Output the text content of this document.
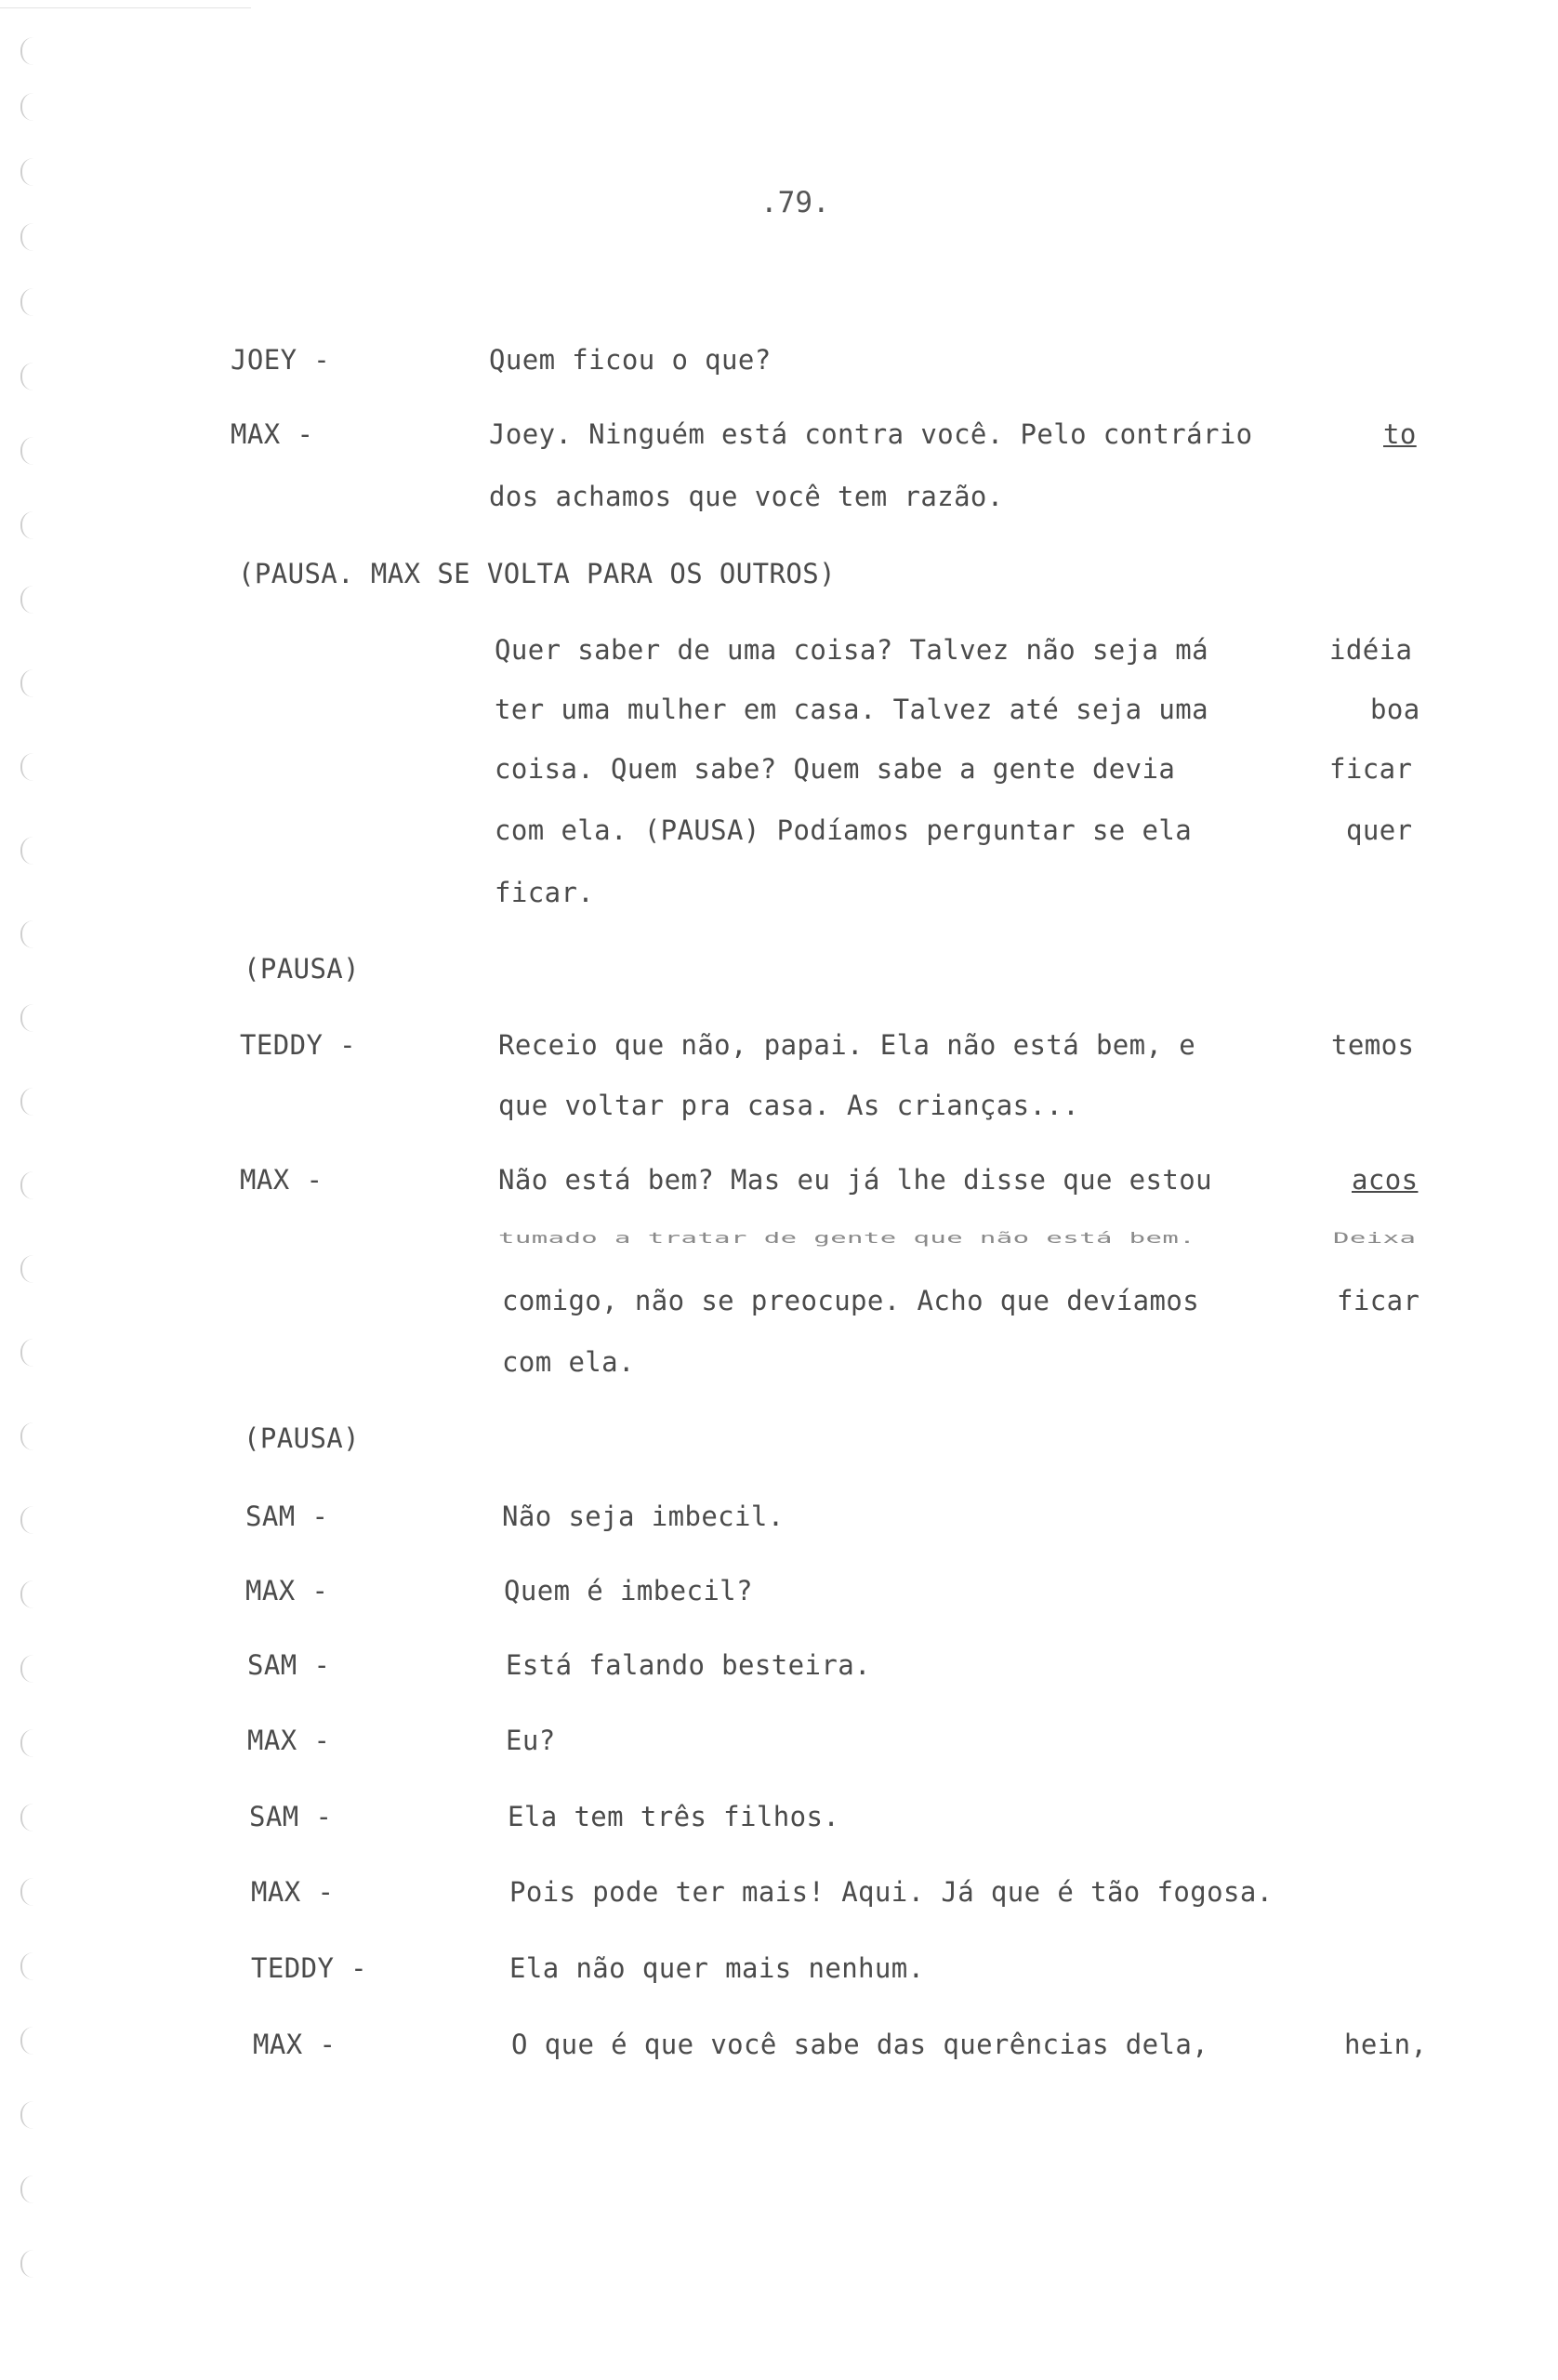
.79.
JOEY -	Quem ficou o que?
MAX -	Joey. Ninguém está contra você. Pelo contrário	to
dos achamos que você tem razão.
(PAUSA. MAX SE VOLTA PARA OS OUTROS)
Quer saber de uma coisa? Talvez não seja má	idéia
ter uma mulher em casa. Talvez até seja uma	boa
coisa. Quem sabe? Quem sabe a gente devia	ficar
com ela. (PAUSA) Podíamos perguntar se ela	quer
ficar.
(PAUSA)
TEDDY -	Receio que não, papai. Ela não está bem, e	temos
que voltar pra casa. As crianças...
MAX -	Não está bem? Mas eu já lhe disse que estou	acos
tumado a tratar de gente que não está bem.	Deixa
comigo, não se preocupe. Acho que devíamos	ficar
com ela.
(PAUSA)
SAM -	Não seja imbecil.
MAX -	Quem é imbecil?
SAM -	Está falando besteira.
MAX -	Eu?
SAM -	Ela tem três filhos.
MAX -	Pois pode ter mais! Aqui. Já que é tão fogosa.
TEDDY -	Ela não quer mais nenhum.
MAX -	O que é que você sabe das querências dela,	hein,
